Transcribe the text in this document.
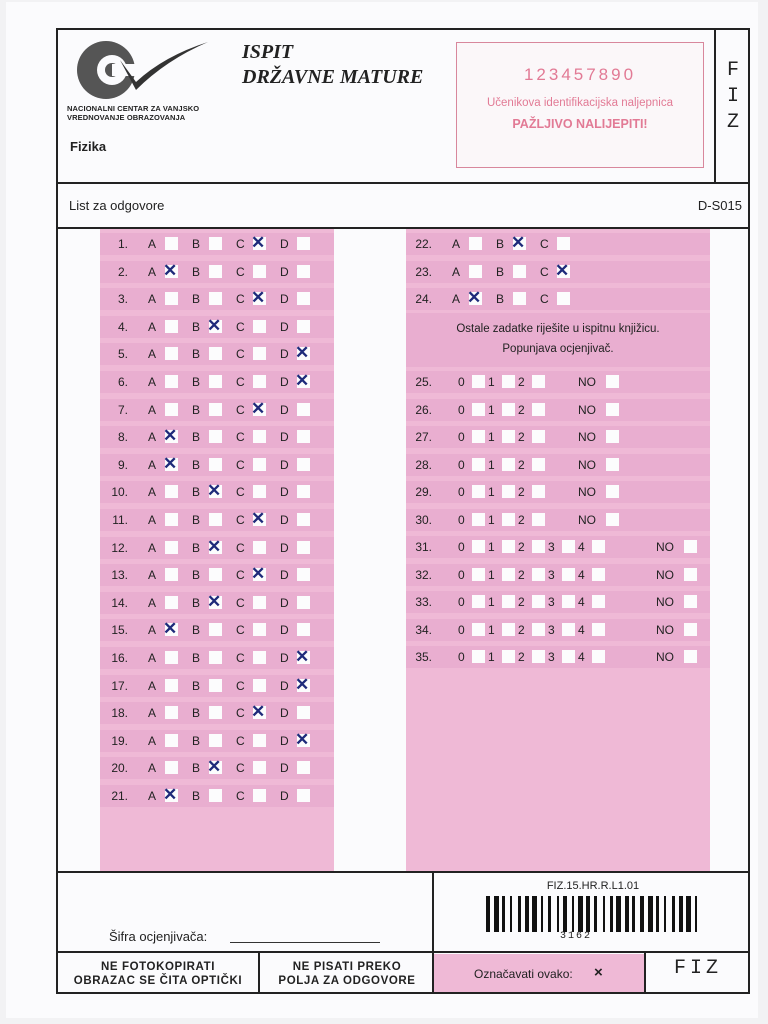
NACIONALNI CENTAR ZA VANJSKO
VREDNOVANJE OBRAZOVANJA
ISPIT
DRŽAVNE MATURE
Fizika
123457890
Učenikova identifikacijska naljepnica
PAŽLJIVO NALIJEPITI!
F
I
Z
List za odgovore	D-S015
1. A	B	C ✕ D
2. A ✕ B	C	D
3. A	B	C ✕ D
4. A	B ✕ C	D
5. A	B	C	D ✕
6. A	B	C	D ✕
7. A	B	C ✕ D
8. A ✕ B	C	D
9. A ✕ B	C	D
10. A	B ✕ C	D
11. A	B	C ✕ D
12. A	B ✕ C	D
13. A	B	C ✕ D
14. A	B ✕ C	D
15. A ✕ B	C	D
16. A	B	C	D ✕
17. A	B	C	D ✕
18. A	B	C ✕ D
19. A	B	C	D ✕
20. A	B ✕ C	D
21. A ✕ B	C	D
22. A	B ✕ C
23. A	B	C ✕
24. A ✕ B	C
25. 0 1 2	NO
26. 0 1 2	NO
27. 0 1 2	NO
28. 0 1 2	NO
29. 0 1 2	NO
30. 0 1 2	NO
31. 0 1 2 3 4	NO
32. 0 1 2 3 4	NO
33. 0 1 2 3 4	NO
34. 0 1 2 3 4	NO
35. 0 1 2 3 4	NO
Ostale zadatke riješite u ispitnu knjižicu.
Popunjava ocjenjivač.
Šifra ocjenjivača:
FIZ.15.HR.R.L1.01
3162
NE FOTOKOPIRATI
OBRAZAC SE ČITA OPTIČKI
NE PISATI PREKO
POLJA ZA ODGOVORE	Označavati ovako: ×	FIZ
